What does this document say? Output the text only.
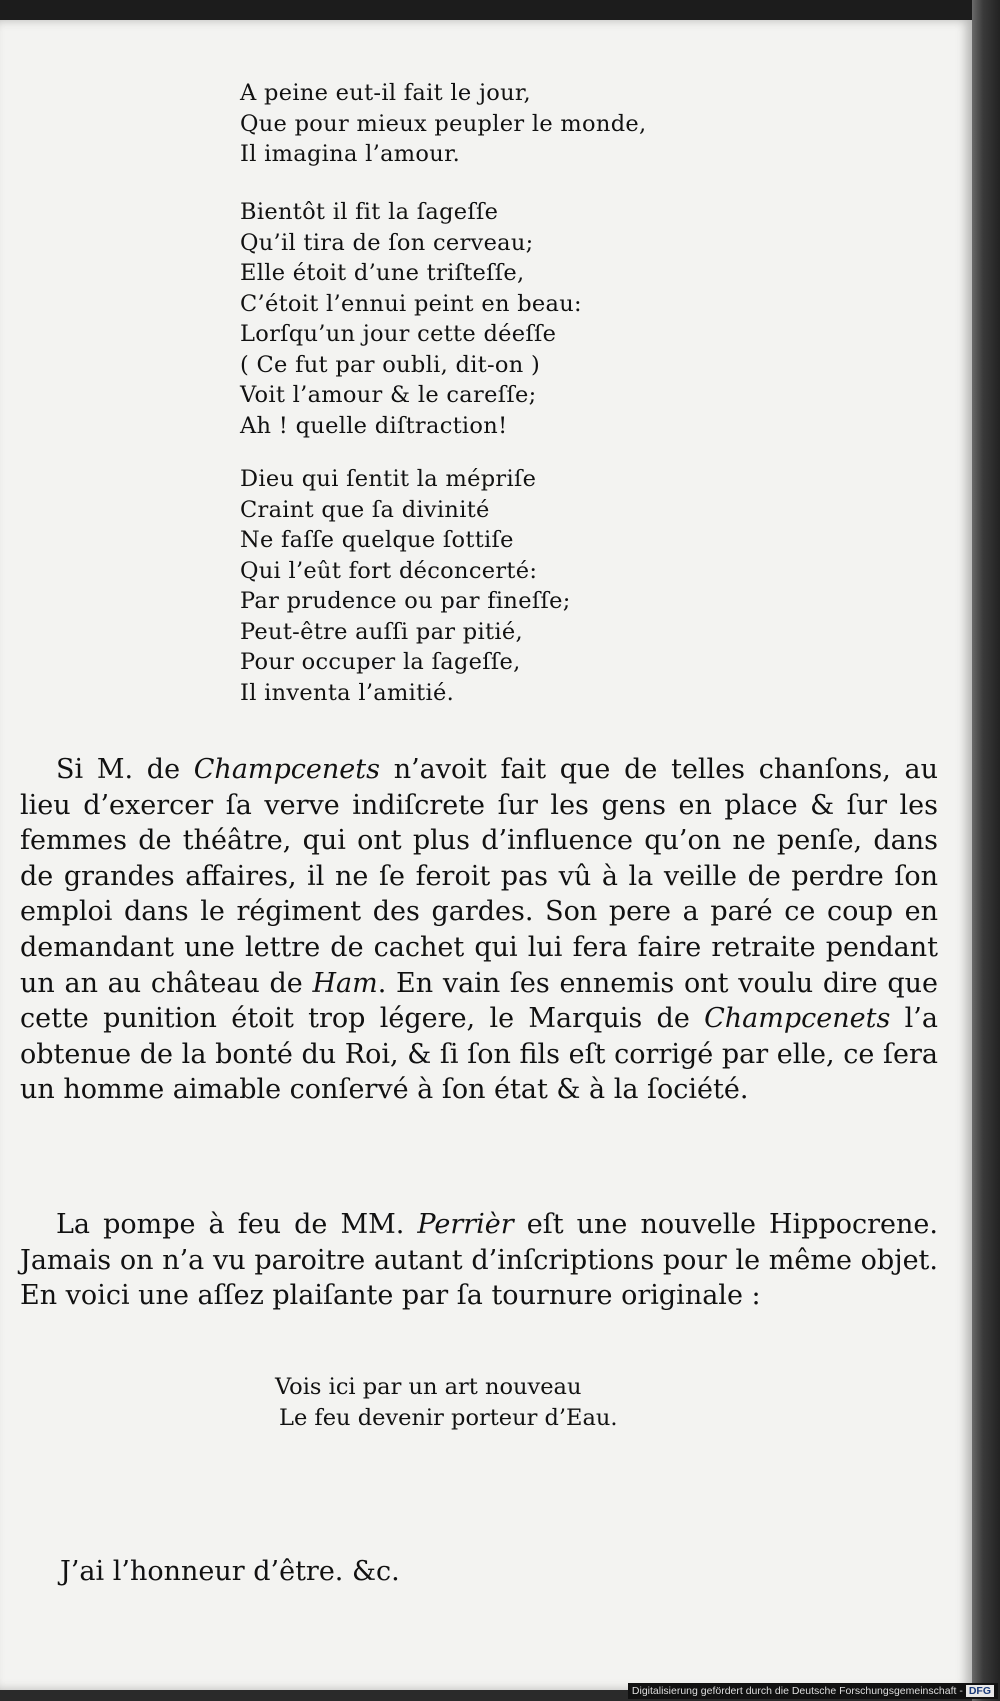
A peine eut-il fait le jour,
Que pour mieux peupler le monde,
Il imagina l’amour.
Bientôt il fit la ſageſſe
Qu’il tira de ſon cerveau;
Elle étoit d’une triſteſſe,
C’étoit l’ennui peint en beau:
Lorſqu’un jour cette déeſſe
( Ce fut par oubli, dit-on )
Voit l’amour & le careſſe;
Ah ! quelle diſtraction!
Dieu qui ſentit la mépriſe
Craint que ſa divinité
Ne faſſe quelque ſottiſe
Qui l’eût fort déconcerté:
Par prudence ou par fineſſe;
Peut-être auſſi par pitié,
Pour occuper la ſageſſe,
Il inventa l’amitié.
Si M. de Champcenets n’avoit fait que de telles chanſons, au lieu d’exercer ſa verve indiſcrete ſur les gens en place & ſur les femmes de théâtre, qui ont plus d’influence qu’on ne penſe, dans de grandes affaires, il ne ſe feroit pas vû à la veille de perdre ſon emploi dans le régiment des gardes. Son pere a paré ce coup en demandant une lettre de cachet qui lui fera faire retraite pendant un an au château de Ham. En vain ſes ennemis ont voulu dire que cette punition étoit trop légere, le Marquis de Champcenets l’a obtenue de la bonté du Roi, & ſi ſon fils eſt corrigé par elle, ce ſera un homme aimable conſervé à ſon état & à la ſociété.
La pompe à feu de MM. Perrièr eſt une nouvelle Hippocrene. Jamais on n’a vu paroitre autant d’inſcriptions pour le même objet. En voici une aſſez plaiſante par ſa tournure originale :
Vois ici par un art nouveau
Le feu devenir porteur d’Eau.
J’ai l’honneur d’être. &c.
Digitalisierung gefördert durch die Deutsche Forschungsgemeinschaft - DFG
